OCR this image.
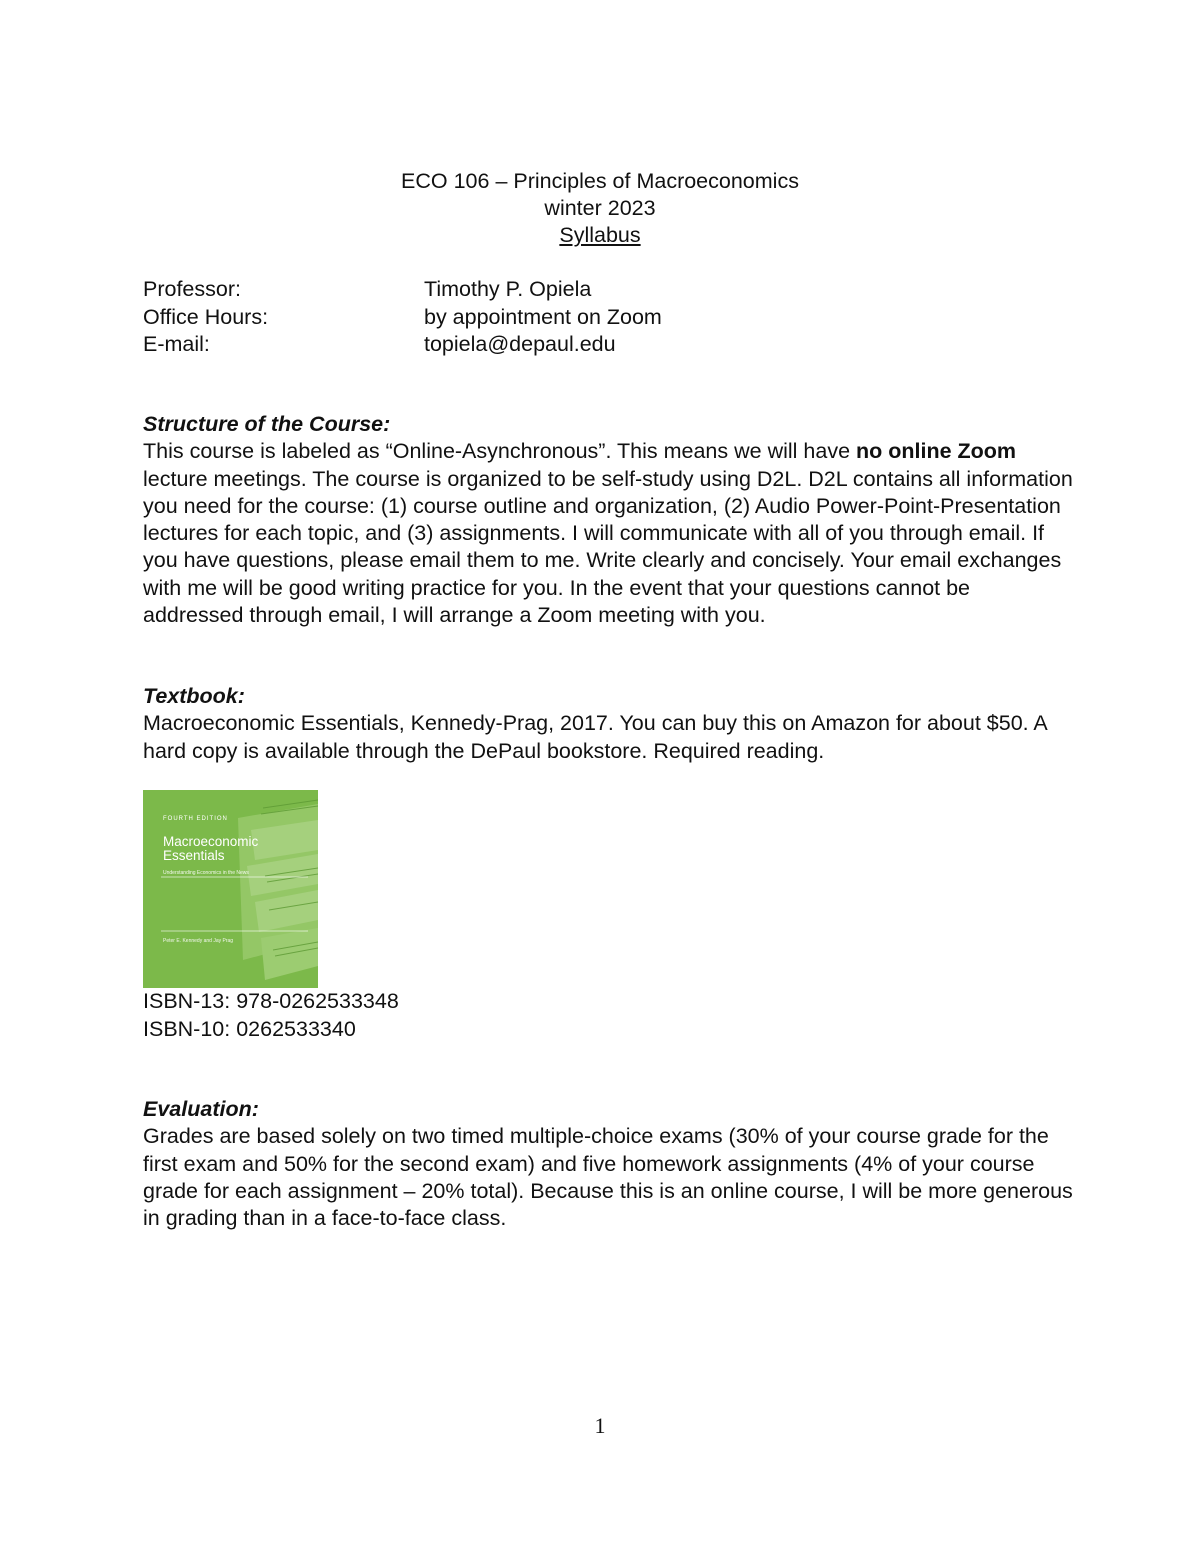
ECO 106 – Principles of Macroeconomics
winter 2023
Syllabus
Professor:	Timothy P. Opiela
Office Hours:	by appointment on Zoom
E-mail:	topiela@depaul.edu
Structure of the Course:

This course is labeled as “Online-Asynchronous”. This means we will have no online Zoom lecture meetings. The course is organized to be self-study using D2L. D2L contains all information you need for the course: (1) course outline and organization, (2) Audio Power-Point-Presentation lectures for each topic, and (3) assignments. I will communicate with all of you through email. If you have questions, please email them to me. Write clearly and concisely. Your email exchanges with me will be good writing practice for you. In the event that your questions cannot be addressed through email, I will arrange a Zoom meeting with you.

Textbook:

Macroeconomic Essentials, Kennedy-Prag, 2017. You can buy this on Amazon for about $50. A hard copy is available through the DePaul bookstore. Required reading.

FOURTH EDITION
Macroeconomic
Essentials
Understanding Economics in the News
Peter E. Kennedy and Jay Prag
ISBN-13: 978-0262533348
ISBN-10: 0262533340
Evaluation:

Grades are based solely on two timed multiple-choice exams (30% of your course grade for the first exam and 50% for the second exam) and five homework assignments (4% of your course grade for each assignment – 20% total). Because this is an online course, I will be more generous in grading than in a face-to-face class.

1
